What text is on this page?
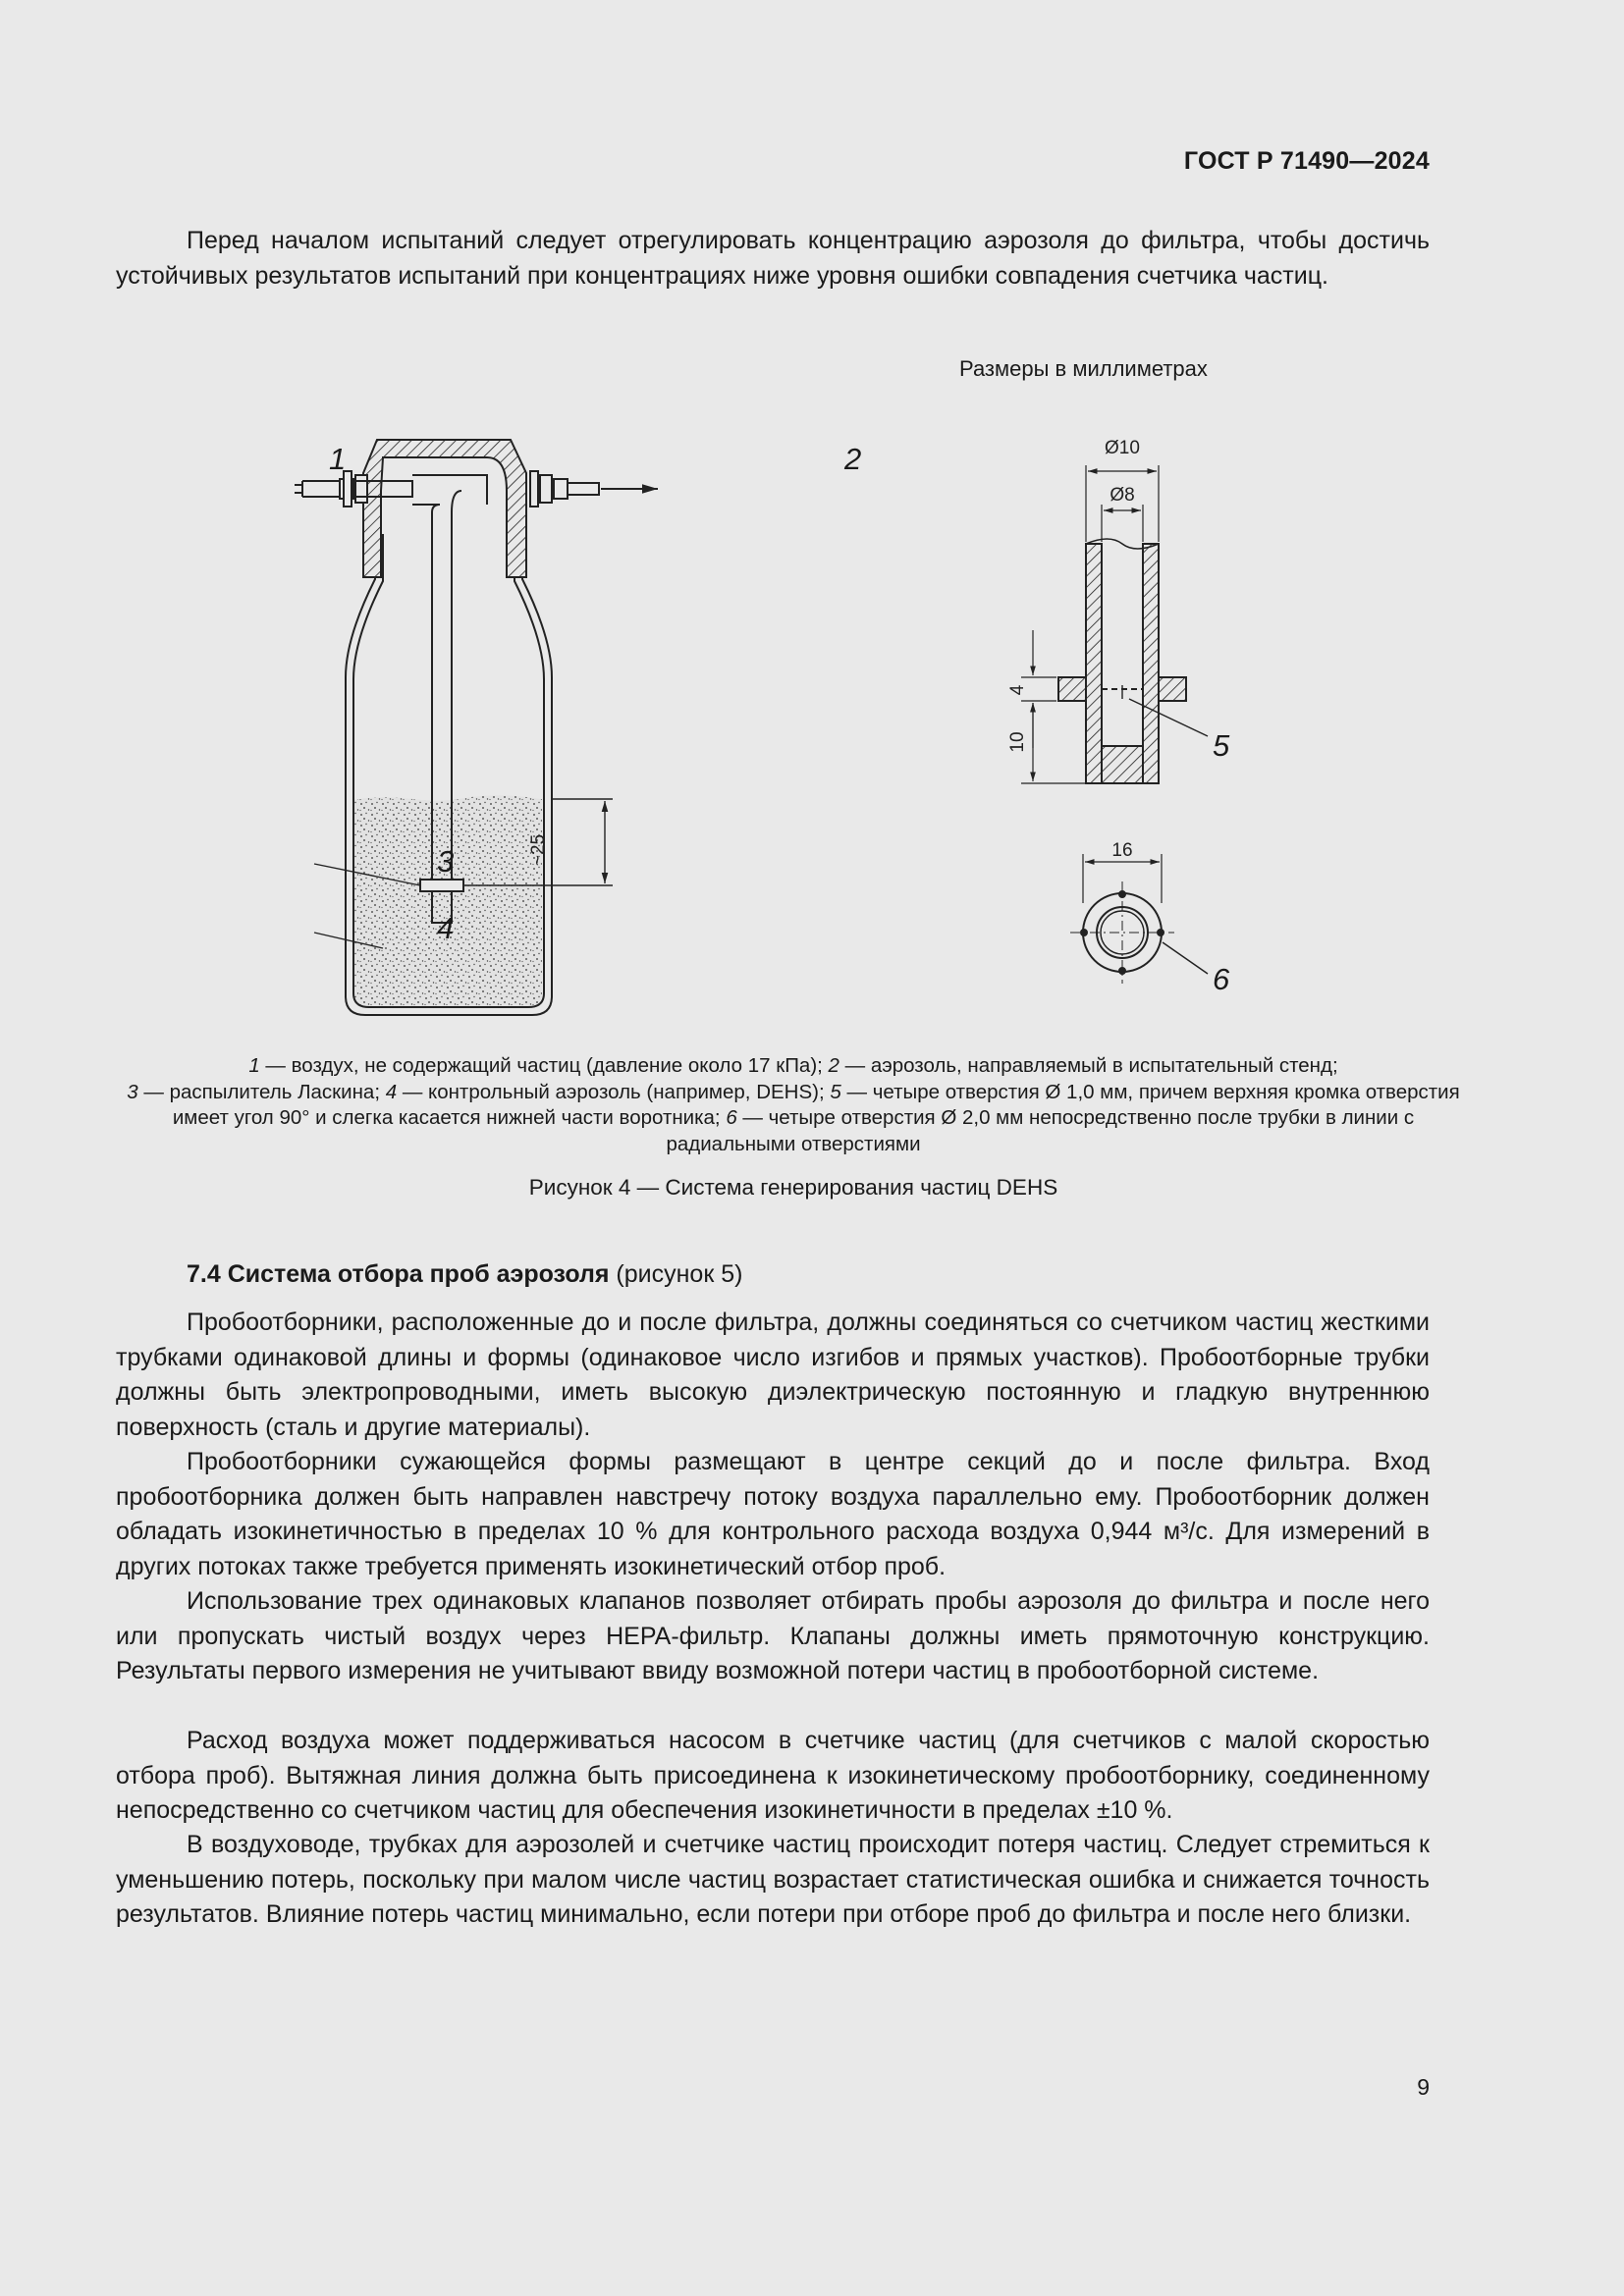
ГОСТ Р 71490—2024

Перед началом испытаний следует отрегулировать концентрацию аэрозоля до фильтра, чтобы достичь устойчивых результатов испытаний при концентрациях ниже уровня ошибки совпадения счетчика частиц.

Размеры в миллиметрах
~25
Ø10
Ø8
4
10
16
1	2
3
4
5
6
1 — воздух, не содержащий частиц (давление около 17 кПа); 2 — аэрозоль, направляемый в испытательный стенд;
3 — распылитель Ласкина; 4 — контрольный аэрозоль (например, DEHS); 5 — четыре отверстия Ø 1,0 мм, причем верхняя кромка отверстия имеет угол 90° и слегка касается нижней части воротника; 6 — четыре отверстия Ø 2,0 мм непосредственно после трубки в линии с радиальными отверстиями
Рисунок 4 — Система генерирования частиц DEHS
7.4 Система отбора проб аэрозоля (рисунок 5)

Пробоотборники, расположенные до и после фильтра, должны соединяться со счетчиком частиц жесткими трубками одинаковой длины и формы (одинаковое число изгибов и прямых участков). Пробоотборные трубки должны быть электропроводными, иметь высокую диэлектрическую постоянную и гладкую внутреннюю поверхность (сталь и другие материалы).

Пробоотборники сужающейся формы размещают в центре секций до и после фильтра. Вход пробоотборника должен быть направлен навстречу потоку воздуха параллельно ему. Пробоотборник должен обладать изокинетичностью в пределах 10 % для контрольного расхода воздуха 0,944 м³/с. Для измерений в других потоках также требуется применять изокинетический отбор проб.

Использование трех одинаковых клапанов позволяет отбирать пробы аэрозоля до фильтра и после него или пропускать чистый воздух через HEPA-фильтр. Клапаны должны иметь прямоточную конструкцию. Результаты первого измерения не учитывают ввиду возможной потери частиц в пробоотборной системе.

Расход воздуха может поддерживаться насосом в счетчике частиц (для счетчиков с малой скоростью отбора проб). Вытяжная линия должна быть присоединена к изокинетическому пробоотборнику, соединенному непосредственно со счетчиком частиц для обеспечения изокинетичности в пределах ±10 %.

В воздуховоде, трубках для аэрозолей и счетчике частиц происходит потеря частиц. Следует стремиться к уменьшению потерь, поскольку при малом числе частиц возрастает статистическая ошибка и снижается точность результатов. Влияние потерь частиц минимально, если потери при отборе проб до фильтра и после него близки.

9
